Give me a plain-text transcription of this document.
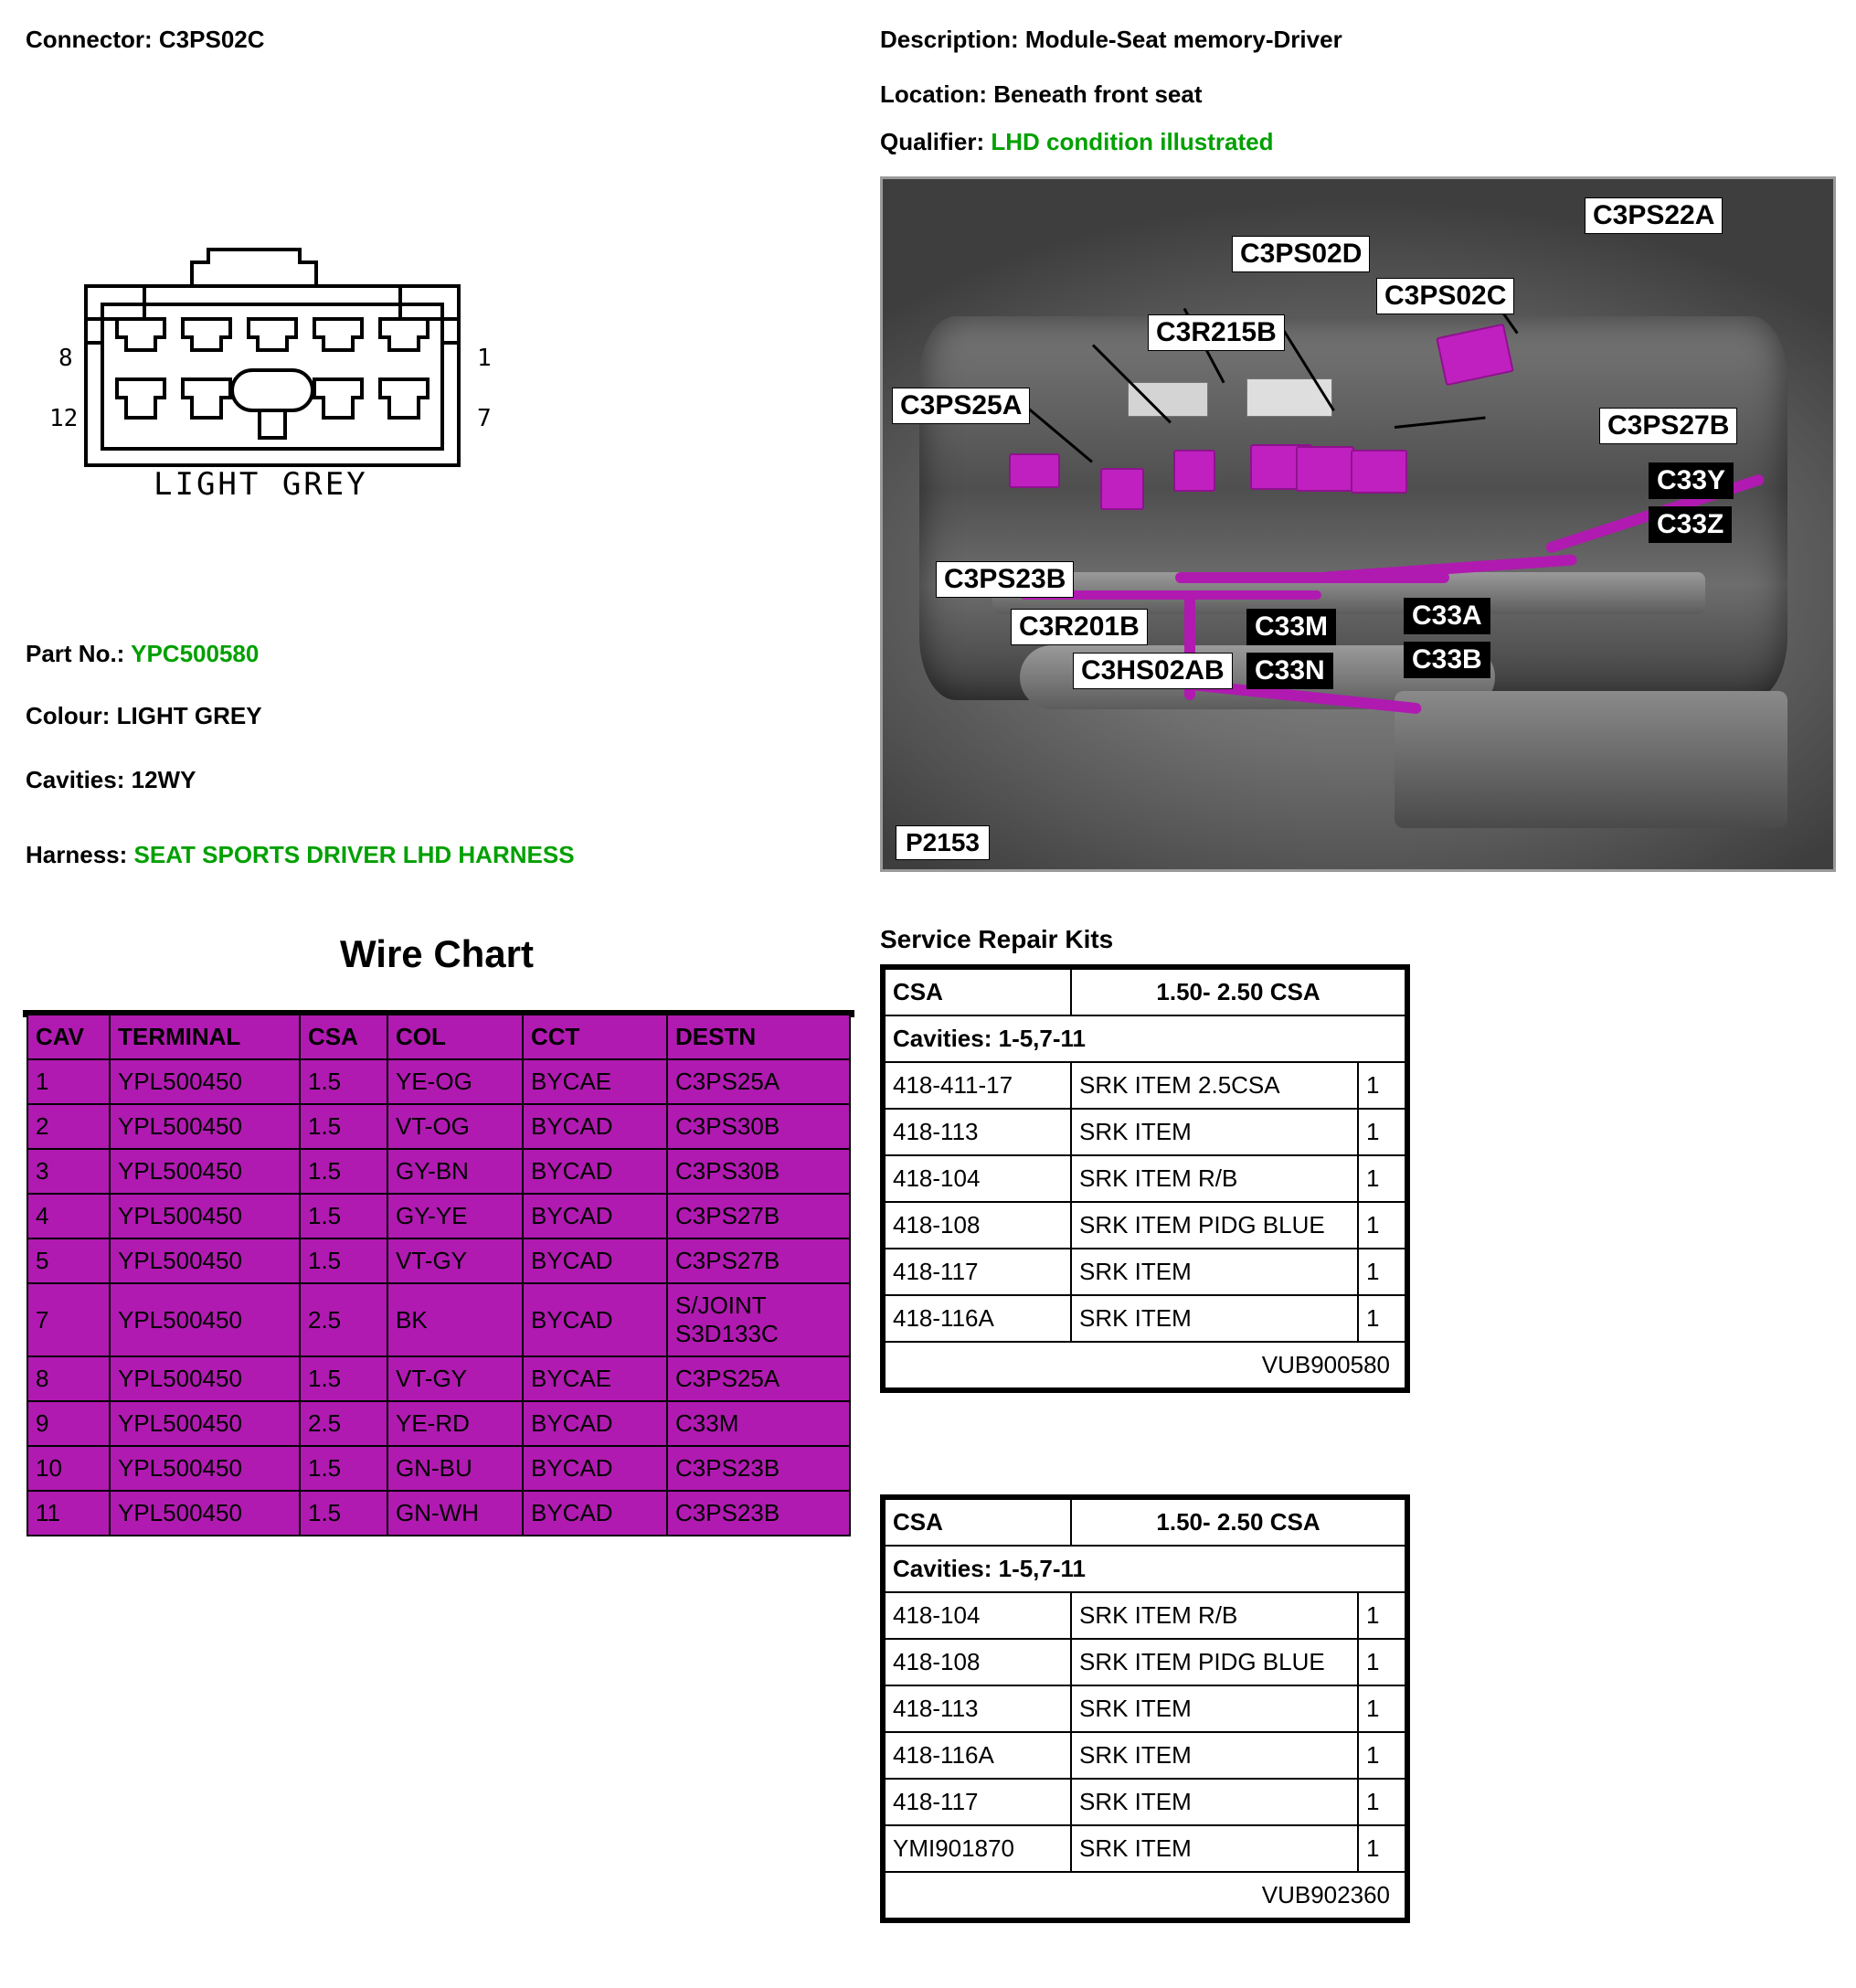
Connector: C3PS02C	Description: Module-Seat memory-Driver
Location: Beneath front seat
Qualifier: LHD condition illustrated
8
12
1
7
LIGHT GREY
Part No.: YPC500580
Colour: LIGHT GREY
Cavities: 12WY
Harness: SEAT SPORTS DRIVER LHD HARNESS
C3PS22A
C3PS02D
C3PS02C
C3R215B
C3PS25A
C3PS27B
C33Y
C33Z
C3PS23B
C3R201B
C3HS02AB
C33M
C33N
C33A
C33B
P2153
Wire Chart
CAV	TERMINAL	CSA	COL	CCT	DESTN
1	YPL500450	1.5	YE-OG	BYCAE	C3PS25A
2	YPL500450	1.5	VT-OG	BYCAD	C3PS30B
3	YPL500450	1.5	GY-BN	BYCAD	C3PS30B
4	YPL500450	1.5	GY-YE	BYCAD	C3PS27B
5	YPL500450	1.5	VT-GY	BYCAD	C3PS27B
7	YPL500450	2.5	BK	BYCAD	S/JOINT S3D133C
8	YPL500450	1.5	VT-GY	BYCAE	C3PS25A
9	YPL500450	2.5	YE-RD	BYCAD	C33M
10	YPL500450	1.5	GN-BU	BYCAD	C3PS23B
11	YPL500450	1.5	GN-WH	BYCAD	C3PS23B
Service Repair Kits
CSA	1.50- 2.50 CSA	
Cavities: 1-5,7-11		
418-411-17	SRK ITEM 2.5CSA	1
418-113	SRK ITEM	1
418-104	SRK ITEM R/B	1
418-108	SRK ITEM PIDG BLUE	1
418-117	SRK ITEM	1
418-116A	SRK ITEM	1
VUB900580		
CSA	1.50- 2.50 CSA	
Cavities: 1-5,7-11		
418-104	SRK ITEM R/B	1
418-108	SRK ITEM PIDG BLUE	1
418-113	SRK ITEM	1
418-116A	SRK ITEM	1
418-117	SRK ITEM	1
YMI901870	SRK ITEM	1
VUB902360		
